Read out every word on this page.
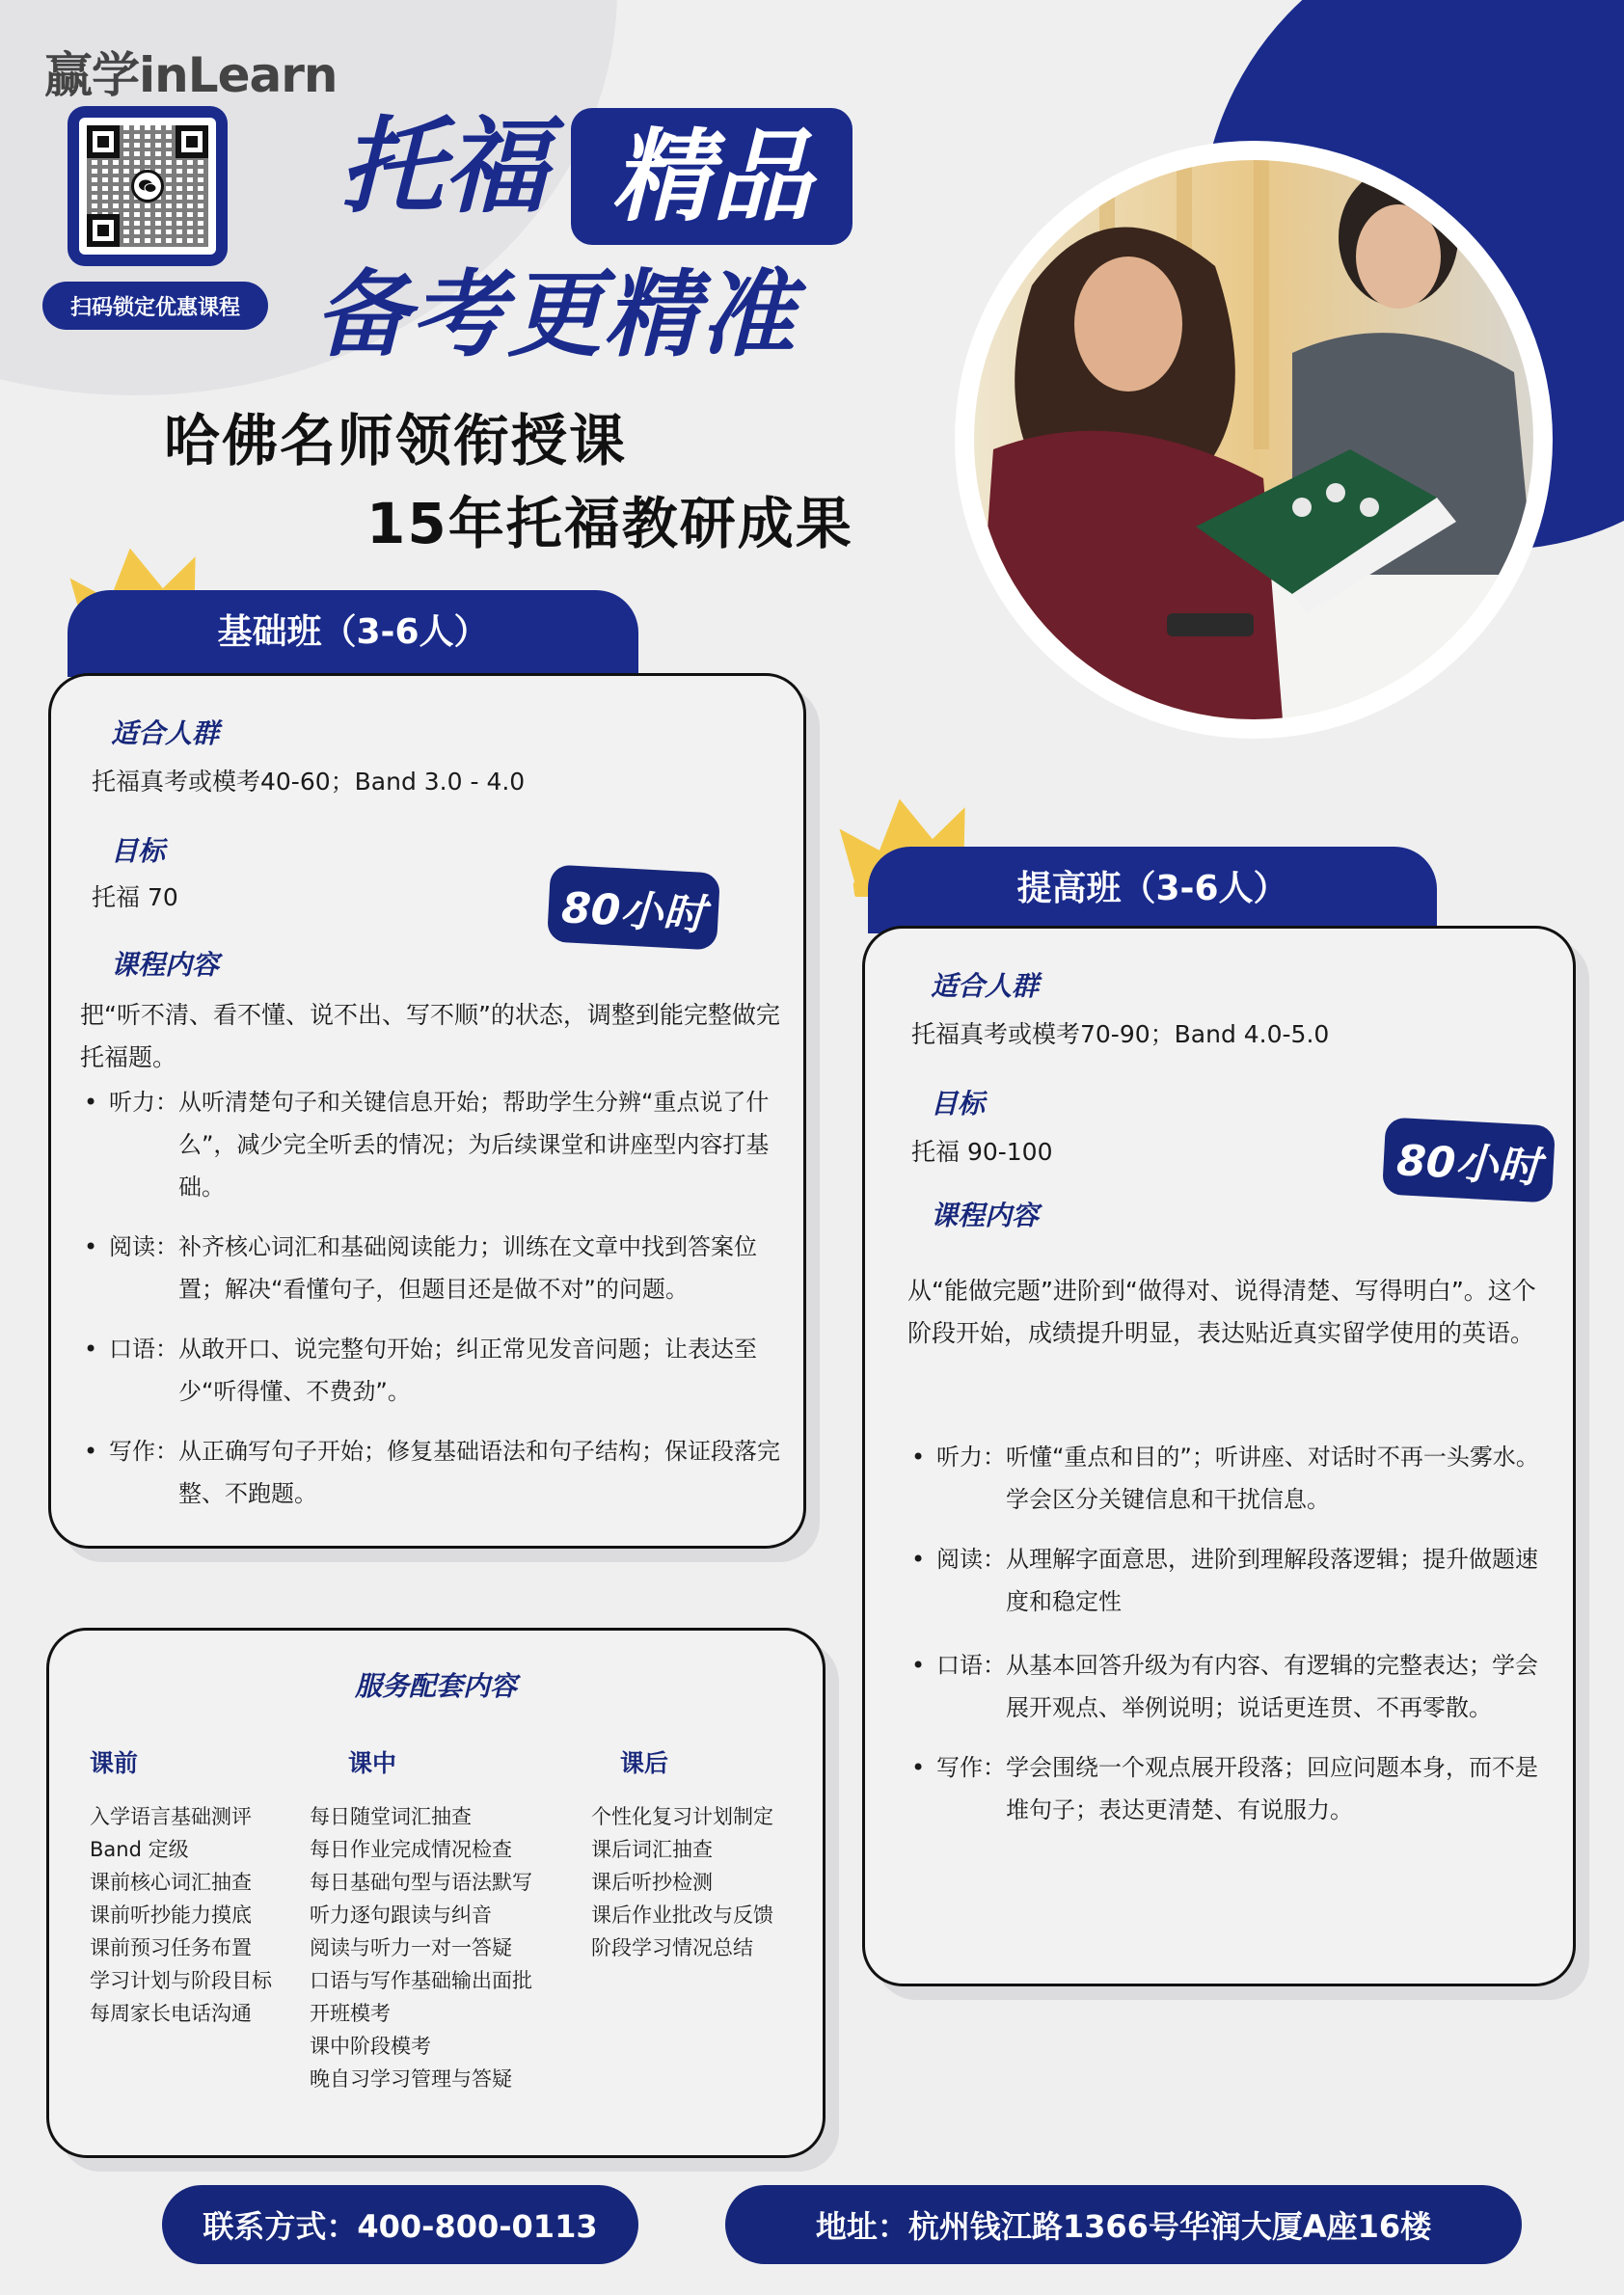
赢学inLearn
扫码锁定优惠课程
托福 精品
备考更精准
哈佛名师领衔授课
15年托福教研成果
基础班（3-6人）
适合人群
托福真考或模考40-60；Band 3.0 - 4.0
目标
托福 70	80小时
课程内容
把“听不清、看不懂、说不出、写不顺”的状态，调整到能完整做完托福题。
• 听力： 从听清楚句子和关键信息开始；帮助学生分辨“重点说了什么”，减少完全听丢的情况；为后续课堂和讲座型内容打基础。
• 阅读： 补齐核心词汇和基础阅读能力；训练在文章中找到答案位置；解决“看懂句子，但题目还是做不对”的问题。
• 口语： 从敢开口、说完整句开始；纠正常见发音问题；让表达至少“听得懂、不费劲”。
• 写作： 从正确写句子开始；修复基础语法和句子结构；保证段落完整、不跑题。
提高班（3-6人）
适合人群
托福真考或模考70-90；Band 4.0-5.0
目标
托福 90-100	80小时
课程内容
从“能做完题”进阶到“做得对、说得清楚、写得明白”。这个阶段开始，成绩提升明显，表达贴近真实留学使用的英语。
• 听力： 听懂“重点和目的”；听讲座、对话时不再一头雾水。学会区分关键信息和干扰信息。
• 阅读： 从理解字面意思，进阶到理解段落逻辑；提升做题速度和稳定性
• 口语： 从基本回答升级为有内容、有逻辑的完整表达；学会展开观点、举例说明；说话更连贯、不再零散。
• 写作： 学会围绕一个观点展开段落；回应问题本身，而不是堆句子；表达更清楚、有说服力。
服务配套内容
课前
入学语言基础测评
Band 定级
课前核心词汇抽查
课前听抄能力摸底
课前预习任务布置
学习计划与阶段目标
每周家长电话沟通
课中
每日随堂词汇抽查
每日作业完成情况检查
每日基础句型与语法默写
听力逐句跟读与纠音
阅读与听力一对一答疑
口语与写作基础输出面批
开班模考
课中阶段模考
晚自习学习管理与答疑
课后
个性化复习计划制定
课后词汇抽查
课后听抄检测
课后作业批改与反馈
阶段学习情况总结
联系方式：400-800-0113	地址：杭州钱江路1366号华润大厦A座16楼
